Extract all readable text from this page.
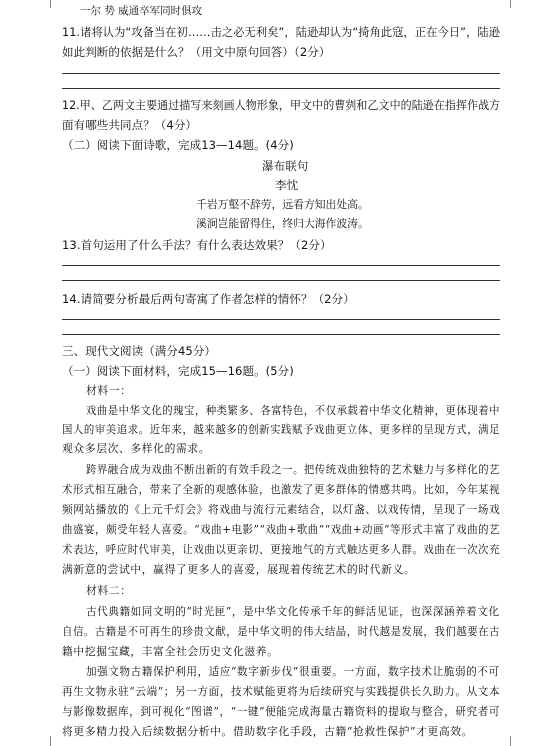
一尔 势 威通卒军同时俱攻
11.诸将认为“攻备当在初……击之必无利矣”，陆逊却认为“掎角此寇，正在今日”，陆逊
如此判断的依据是什么？（用文中原句回答）（2分）
12.甲、乙两文主要通过描写来刻画人物形象，甲文中的曹刿和乙文中的陆逊在指挥作战方
面有哪些共同点？（4分）
（二）阅读下面诗歌，完成13—14题。(4分)
瀑布联句
李忱
千岩万壑不辞劳，远看方知出处高。
溪涧岂能留得住，终归大海作波涛。
13.首句运用了什么手法？有什么表达效果？（2分）
14.请简要分析最后两句寄寓了作者怎样的情怀？（2分）
三、现代文阅读（满分45分）
（一）阅读下面材料，完成15—16题。(5分)
材料一：
戏曲是中华文化的瑰宝，种类繁多、各富特色，不仅承载着中华文化精神，更体现着中
国人的审美追求。近年来，越来越多的创新实践赋予戏曲更立体、更多样的呈现方式，满足
观众多层次、多样化的需求。
跨界融合成为戏曲不断出新的有效手段之一。把传统戏曲独特的艺术魅力与多样化的艺
术形式相互融合，带来了全新的观感体验，也激发了更多群体的情感共鸣。比如，今年某视
频网站播放的《上元千灯会》将戏曲与流行元素结合，以灯盏、以戏传情，呈现了一场戏
曲盛宴，颇受年轻人喜爱。“戏曲+电影”“戏曲+歌曲”“戏曲+动画”等形式丰富了戏曲的艺
术表达，呼应时代审美，让戏曲以更亲切、更接地气的方式触达更多人群。戏曲在一次次充
满新意的尝试中，赢得了更多人的喜爱，展现着传统艺术的时代新义。
材料二：
古代典籍如同文明的“时光匣”，是中华文化传承千年的鲜活见证，也深深涵养着文化
自信。古籍是不可再生的珍贵文献，是中华文明的伟大结晶，时代越是发展，我们越要在古
籍中挖掘宝藏，丰富全社会历史文化滋养。
加强文物古籍保护利用，适应“数字新步伐”很重要。一方面，数字技术让脆弱的不可
再生文物永驻“云端”；另一方面，技术赋能更将为后续研究与实践提供长久助力。从文本
与影像数据库，到可视化“图谱”，“一键”便能完成海量古籍资料的提取与整合，研究者可
将更多精力投入后续数据分析中。借助数字化手段，古籍“抢救性保护”才更高效。
